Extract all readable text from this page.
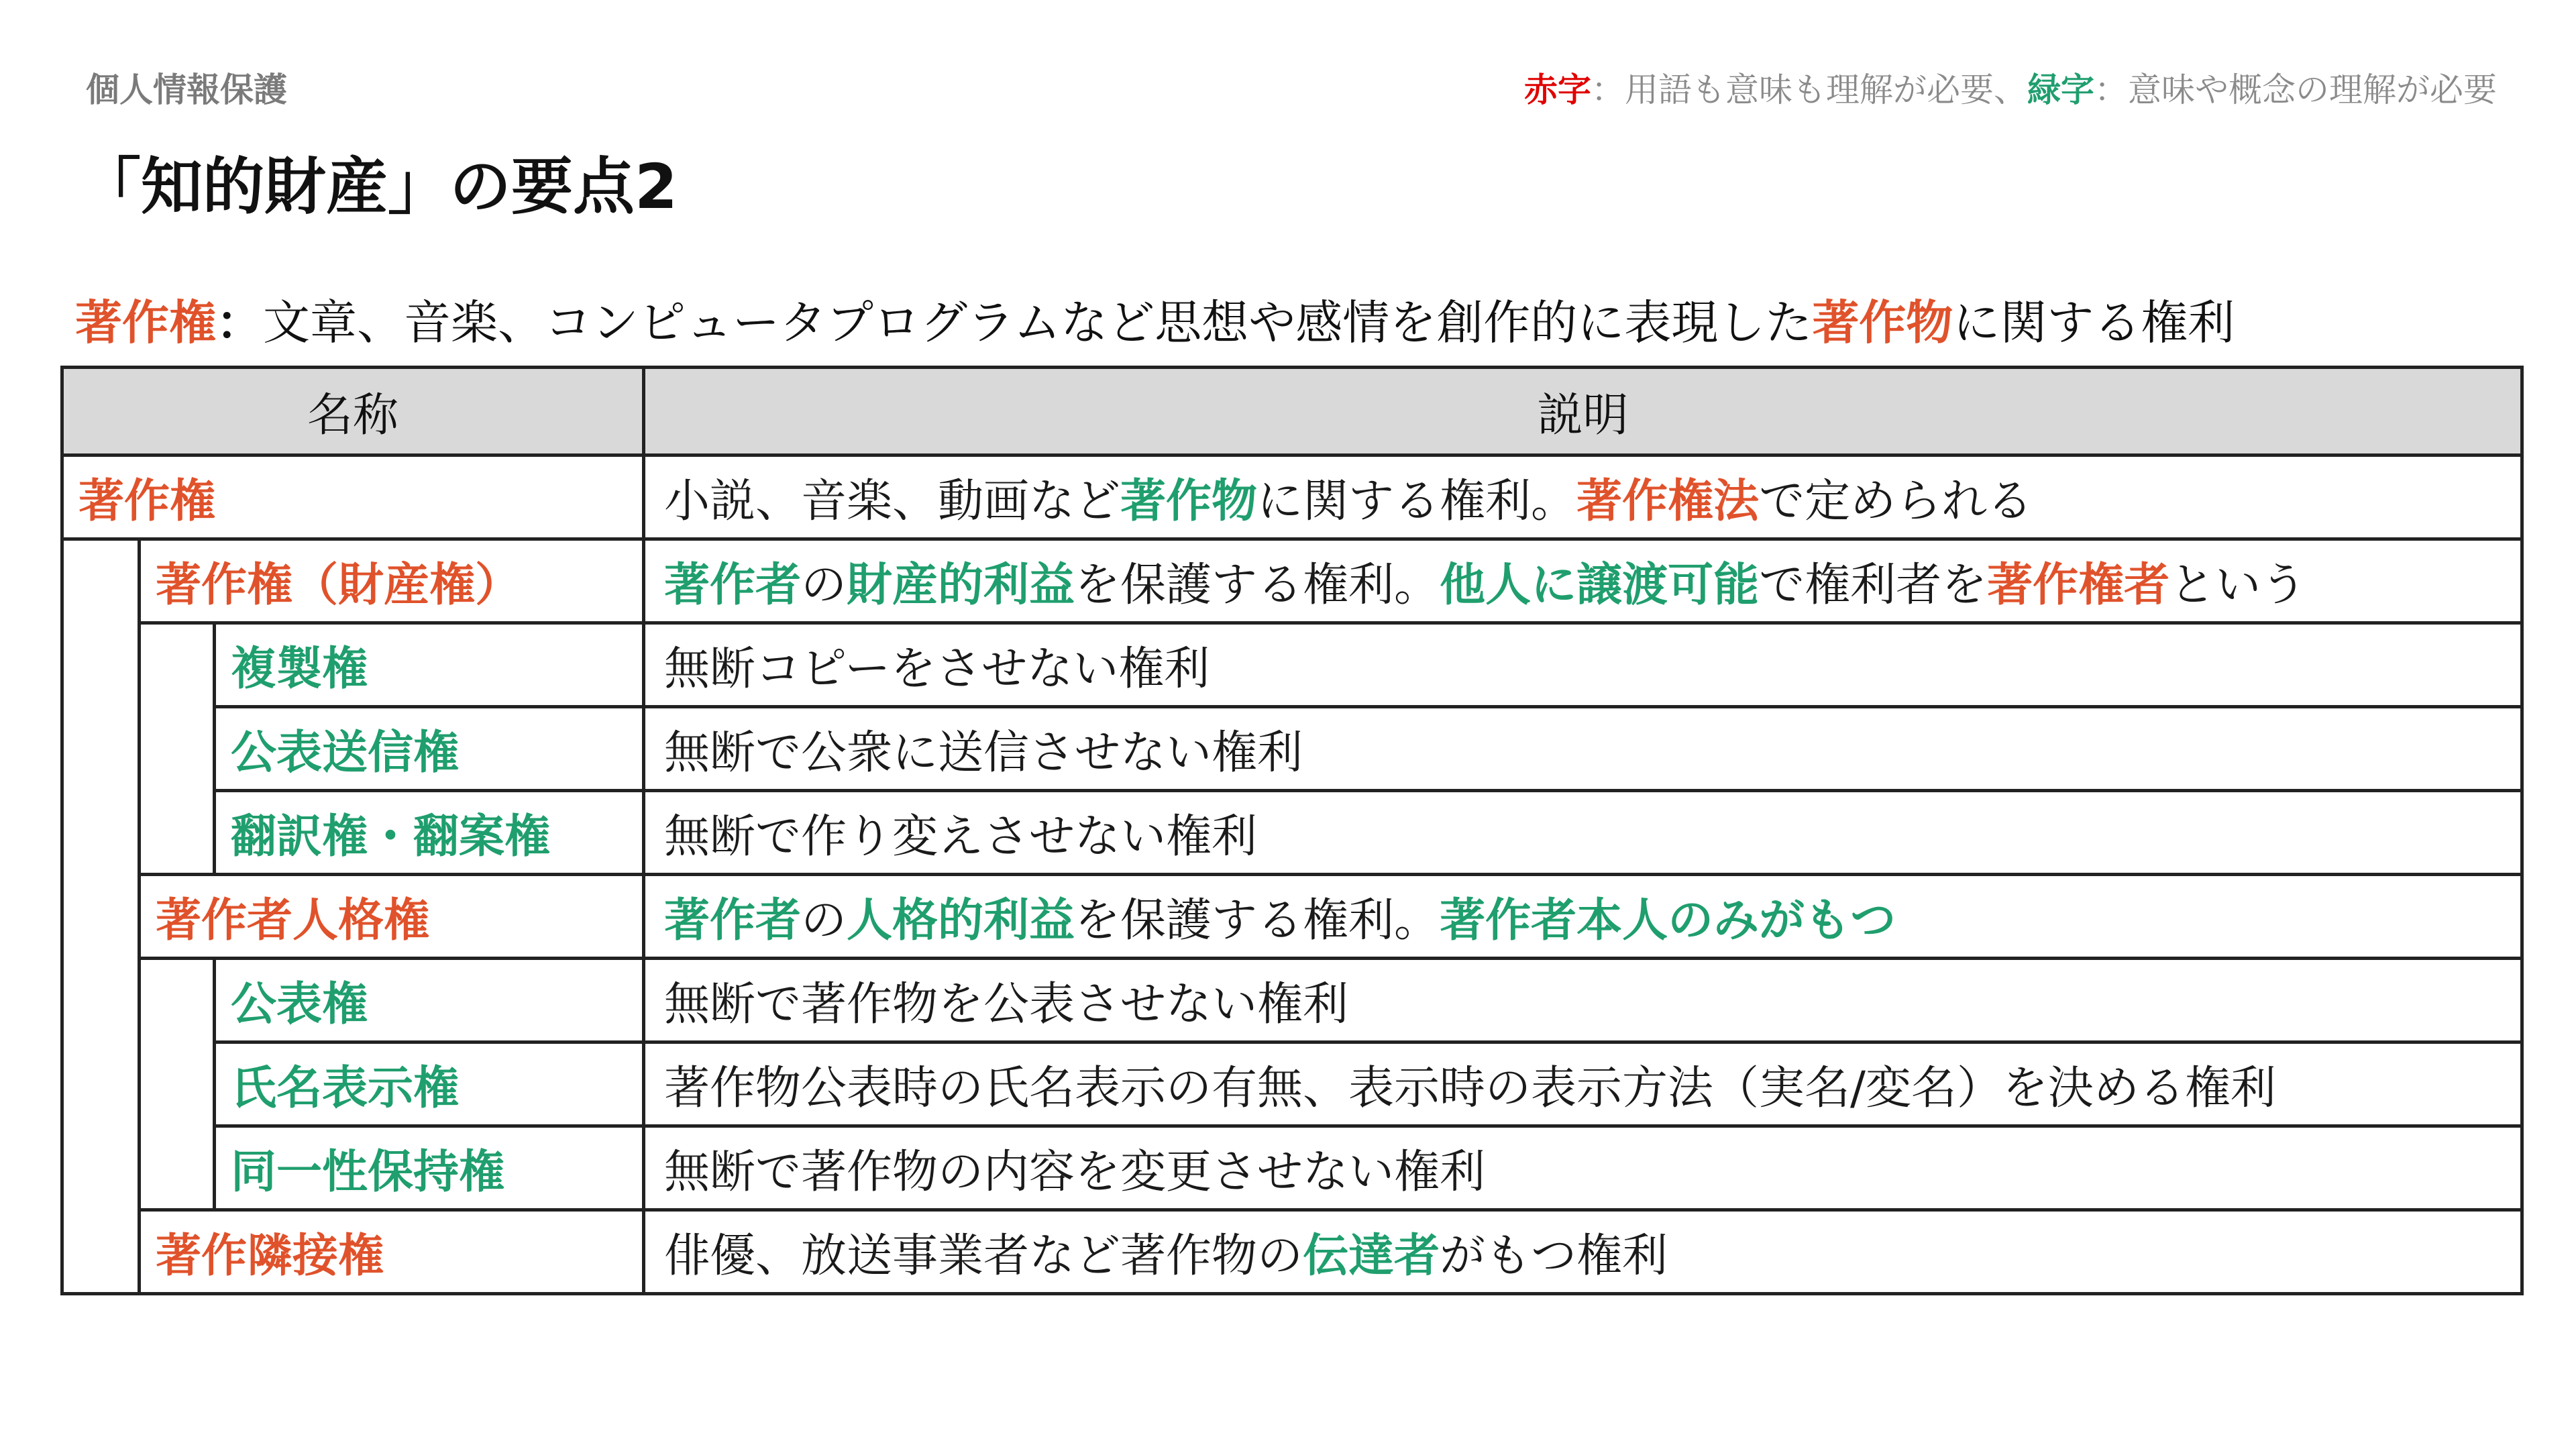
個人情報保護	赤字：用語も意味も理解が必要、緑字：意味や概念の理解が必要
「知的財産」の要点2
著作権：文章、音楽、コンピュータプログラムなど思想や感情を創作的に表現した著作物に関する権利
名称			説明
著作権			小説、音楽、動画など著作物に関する権利。著作権法で定められる
	著作権（財産権）		著作者の財産的利益を保護する権利。他人に譲渡可能で権利者を著作権者という
		複製権	無断コピーをさせない権利
		公表送信権	無断で公衆に送信させない権利
		翻訳権・翻案権	無断で作り変えさせない権利
	著作者人格権		著作者の人格的利益を保護する権利。著作者本人のみがもつ
		公表権	無断で著作物を公表させない権利
		氏名表示権	著作物公表時の氏名表示の有無、表示時の表示方法（実名/変名）を決める権利
		同一性保持権	無断で著作物の内容を変更させない権利
	著作隣接権		俳優、放送事業者など著作物の伝達者がもつ権利
